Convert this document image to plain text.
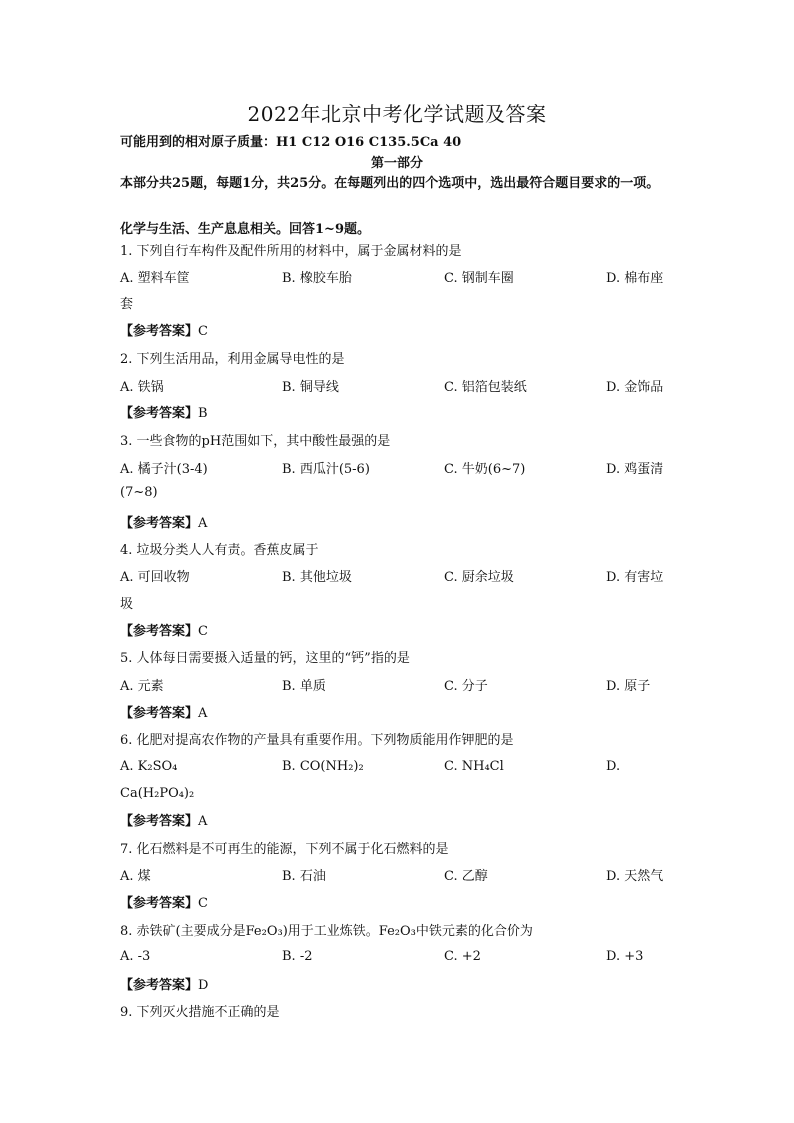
2022年北京中考化学试题及答案
可能用到的相对原子质量：H1 C12 O16 C135.5Ca 40
第一部分
本部分共25题，每题1分，共25分。在每题列出的四个选项中，选出最符合题目要求的一项。
化学与生活、生产息息相关。回答1~9题。
1. 下列自行车构件及配件所用的材料中，属于金属材料的是
A. 塑料车筐	B. 橡胶车胎	C. 钢制车圈	D. 棉布座
套
【参考答案】C
2. 下列生活用品，利用金属导电性的是
A. 铁锅	B. 铜导线	C. 铝箔包装纸	D. 金饰品
【参考答案】B
3. 一些食物的pH范围如下，其中酸性最强的是
A. 橘子汁(3-4)	B. 西瓜汁(5-6)	C. 牛奶(6~7)	D. 鸡蛋清
(7~8)
【参考答案】A
4. 垃圾分类人人有责。香蕉皮属于
A. 可回收物	B. 其他垃圾	C. 厨余垃圾	D. 有害垃
圾
【参考答案】C
5. 人体每日需要摄入适量的钙，这里的“钙”指的是
A. 元素	B. 单质	C. 分子	D. 原子
【参考答案】A
6. 化肥对提高农作物的产量具有重要作用。下列物质能用作钾肥的是
A. K₂SO₄	B. CO(NH₂)₂	C. NH₄Cl	D.
Ca(H₂PO₄)₂
【参考答案】A
7. 化石燃料是不可再生的能源，下列不属于化石燃料的是
A. 煤	B. 石油	C. 乙醇	D. 天然气
【参考答案】C
8. 赤铁矿(主要成分是Fe₂O₃)用于工业炼铁。Fe₂O₃中铁元素的化合价为
A. -3	B. -2	C. +2	D. +3
【参考答案】D
9. 下列灭火措施不正确的是
